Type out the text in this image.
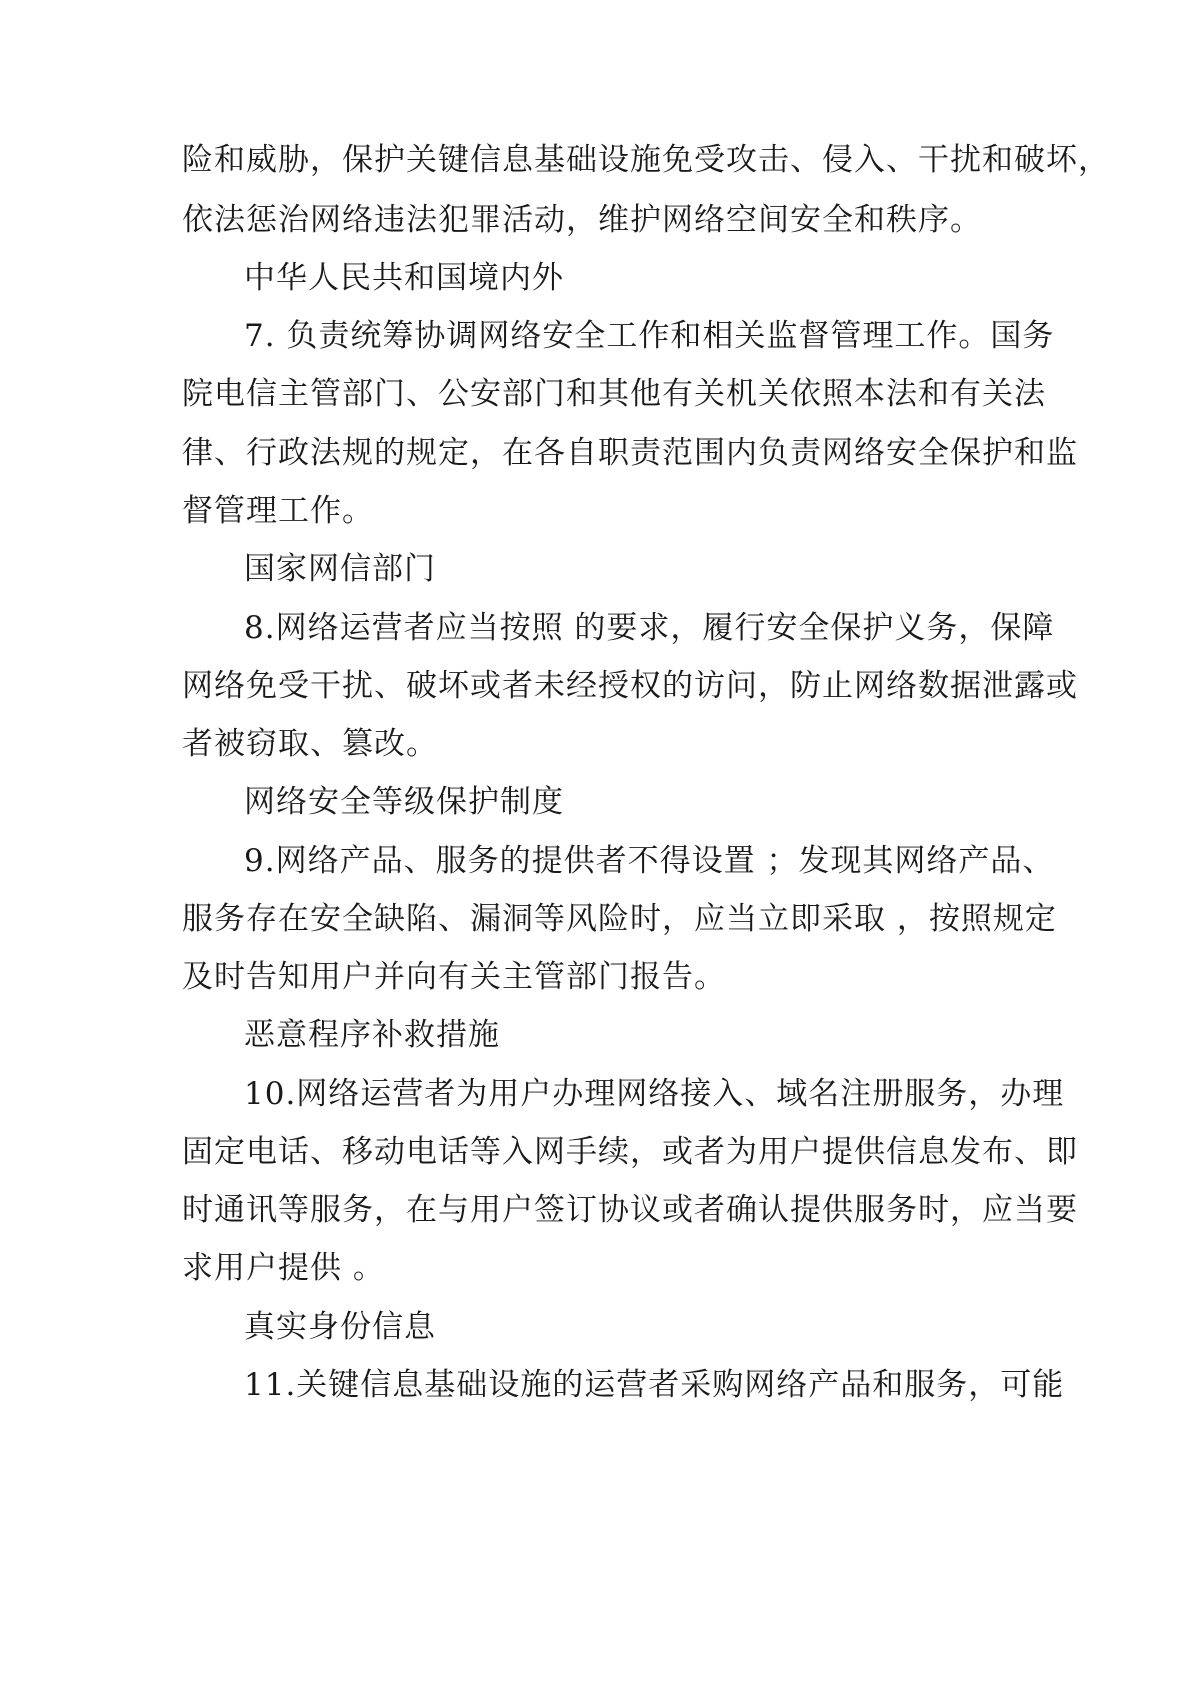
险和威胁，保护关键信息基础设施免受攻击、侵入、干扰和破坏，
依法惩治网络违法犯罪活动，维护网络空间安全和秩序。
中华人民共和国境内外
7. 负责统筹协调网络安全工作和相关监督管理工作。国务
院电信主管部门、公安部门和其他有关机关依照本法和有关法
律、行政法规的规定，在各自职责范围内负责网络安全保护和监
督管理工作。
国家网信部门
8.网络运营者应当按照 的要求，履行安全保护义务，保障
网络免受干扰、破坏或者未经授权的访问，防止网络数据泄露或
者被窃取、篡改。
网络安全等级保护制度
9.网络产品、服务的提供者不得设置 ；发现其网络产品、
服务存在安全缺陷、漏洞等风险时，应当立即采取 ，按照规定
及时告知用户并向有关主管部门报告。
恶意程序补救措施
10.网络运营者为用户办理网络接入、域名注册服务，办理
固定电话、移动电话等入网手续，或者为用户提供信息发布、即
时通讯等服务，在与用户签订协议或者确认提供服务时，应当要
求用户提供 。
真实身份信息
11.关键信息基础设施的运营者采购网络产品和服务，可能
